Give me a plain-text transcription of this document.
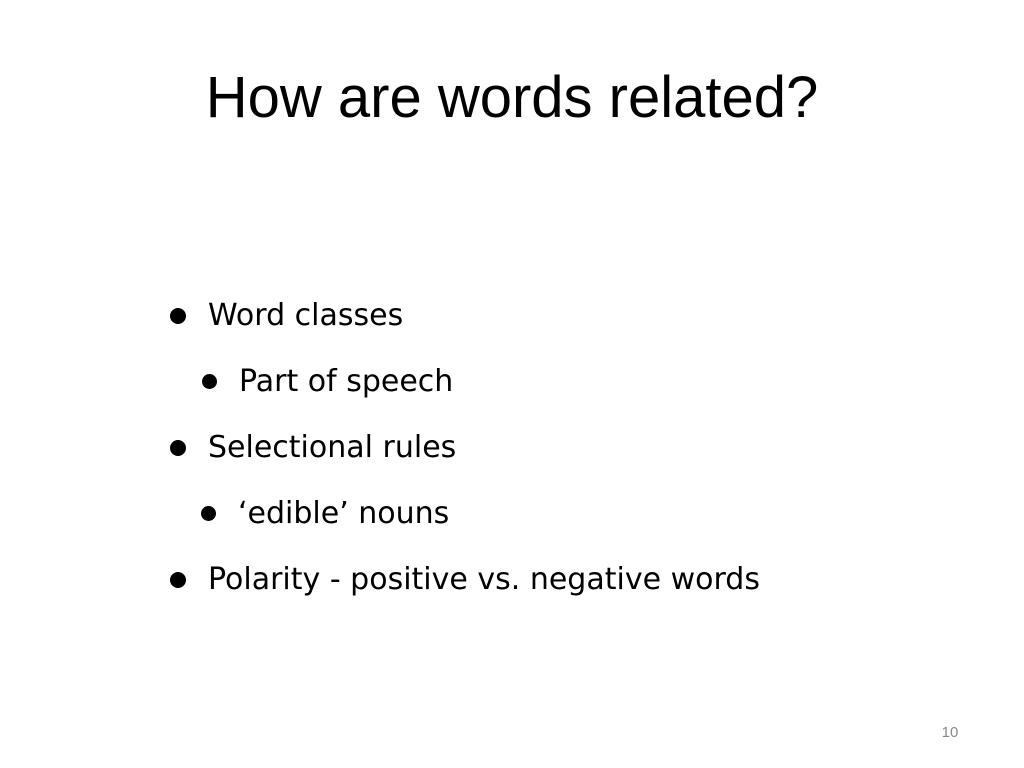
How are words related?
Word classes
Part of speech
Selectional rules
‘edible’ nouns
Polarity - positive vs. negative words
10
